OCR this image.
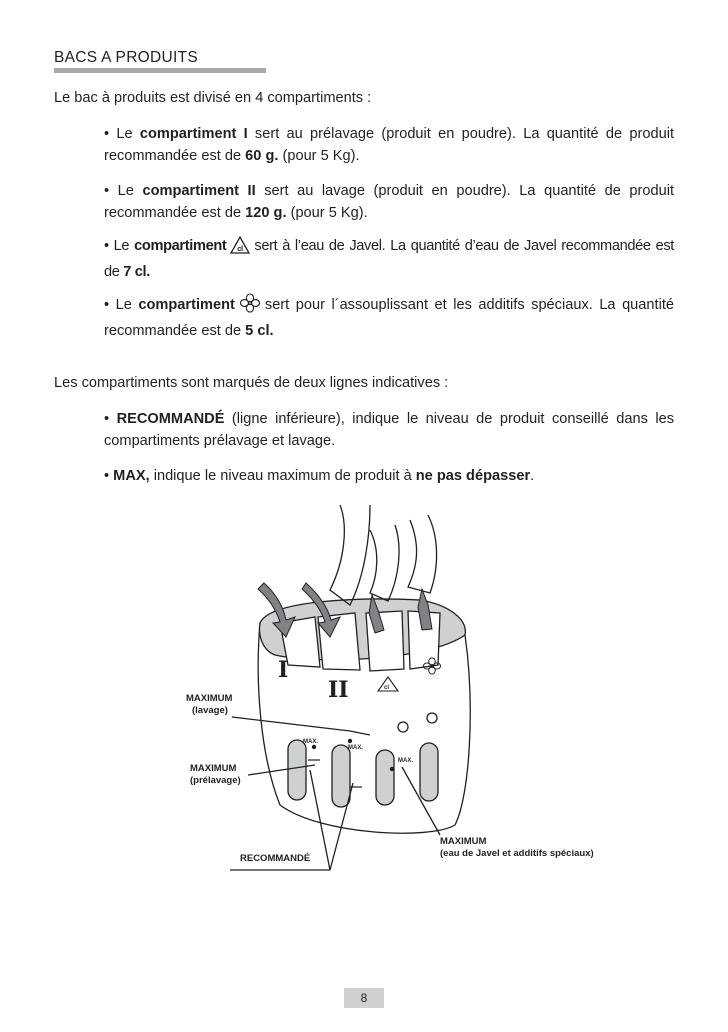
BACS A PRODUITS
Le bac à produits est divisé en 4 compartiments :
• Le compartiment I sert au prélavage (produit en poudre). La quantité de produit recommandée est de 60 g. (pour 5 Kg).
• Le compartiment II sert au lavage (produit en poudre). La quantité de produit recommandée est de 120 g. (pour 5 Kg).
• Le compartiment cl sert à l’eau de Javel. La quantité d’eau de Javel recommandée est de 7 cl.
• Le compartiment sert pour l´assouplissant et les additifs spéciaux. La quantité recommandée est de 5 cl.
Les compartiments sont marqués de deux lignes indicatives :
• RECOMMANDÉ (ligne inférieure), indique le niveau de produit conseillé dans les compartiments prélavage et lavage.
• MAX, indique le niveau maximum de produit à ne pas dépasser.
I
II	cl
MAX.
MAX.
MAX.
MAXIMUM
(lavage)
MAXIMUM
(prélavage)
RECOMMANDÉ
MAXIMUM
(eau de Javel et additifs spéciaux)
8
